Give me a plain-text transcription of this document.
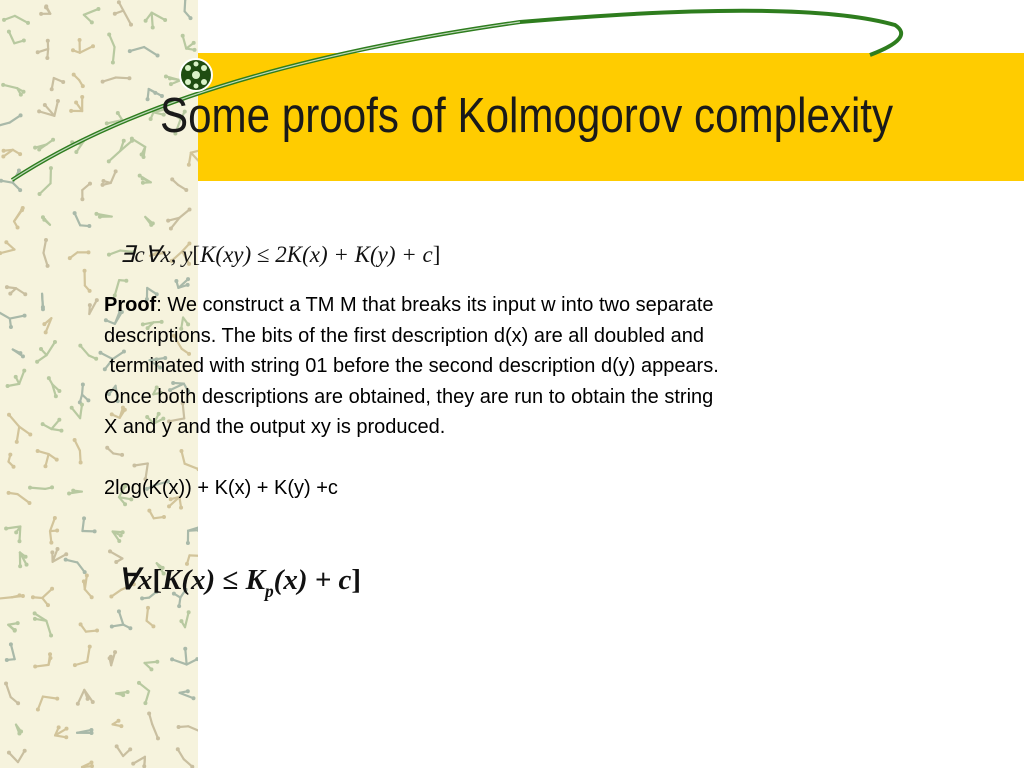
Some proofs of Kolmogorov complexity
∃c∀x, y[K(xy) ≤ 2K(x) + K(y) + c]

Proof: We construct a TM M that breaks its input w into two separate

descriptions. The bits of the first description d(x) are all doubled and

terminated with string 01 before the second description d(y) appears.

Once both descriptions are obtained, they are run to obtain the string

X and y and the output xy is produced.

2log(K(x)) + K(x) + K(y) +c

∀x[K(x) ≤ $K_p(x) + c$]
